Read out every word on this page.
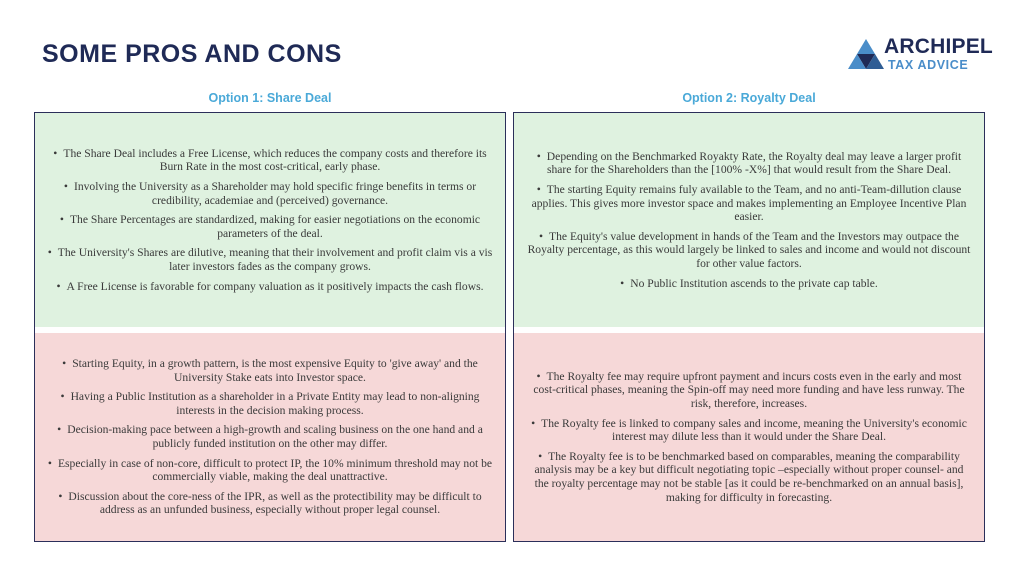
SOME PROS AND CONS	ARCHIPEL
TAX ADVICE
Option 1: Share Deal	Option 2: Royalty Deal
• The Share Deal includes a Free License, which reduces the company costs and therefore its Burn Rate in the most cost-critical, early phase.
• Involving the University as a Shareholder may hold specific fringe benefits in terms or credibility, academiae and (perceived) governance.
• The Share Percentages are standardized, making for easier negotiations on the economic parameters of the deal.
• The University's Shares are dilutive, meaning that their involvement and profit claim vis a vis later investors fades as the company grows.
• A Free License is favorable for company valuation as it positively impacts the cash flows.
• Starting Equity, in a growth pattern, is the most expensive Equity to 'give away' and the University Stake eats into Investor space.
• Having a Public Institution as a shareholder in a Private Entity may lead to non-aligning interests in the decision making process.
• Decision-making pace between a high-growth and scaling business on the one hand and a publicly funded institution on the other may differ.
• Especially in case of non-core, difficult to protect IP, the 10% minimum threshold may not be commercially viable, making the deal unattractive.
• Discussion about the core-ness of the IPR, as well as the protectibility may be difficult to address as an unfunded business, especially without proper legal counsel.
• Depending on the Benchmarked Royakty Rate, the Royalty deal may leave a larger profit share for the Shareholders than the [100% -X%] that would result from the Share Deal.
• The starting Equity remains fuly available to the Team, and no anti-Team-dillution clause applies. This gives more investor space and makes implementing an Employee Incentive Plan easier.
• The Equity's value development in hands of the Team and the Investors may outpace the Royalty percentage, as this would largely be linked to sales and income and would not discount for other value factors.
• No Public Institution ascends to the private cap table.
• The Royalty fee may require upfront payment and incurs costs even in the early and most cost-critical phases, meaning the Spin-off may need more funding and have less runway. The risk, therefore, increases.
• The Royalty fee is linked to company sales and income, meaning the University's economic interest may dilute less than it would under the Share Deal.
• The Royalty fee is to be benchmarked based on comparables, meaning the comparability analysis may be a key but difficult negotiating topic –especially without proper counsel- and the royalty percentage may not be stable [as it could be re-benchmarked on an annual basis], making for difficulty in forecasting.
